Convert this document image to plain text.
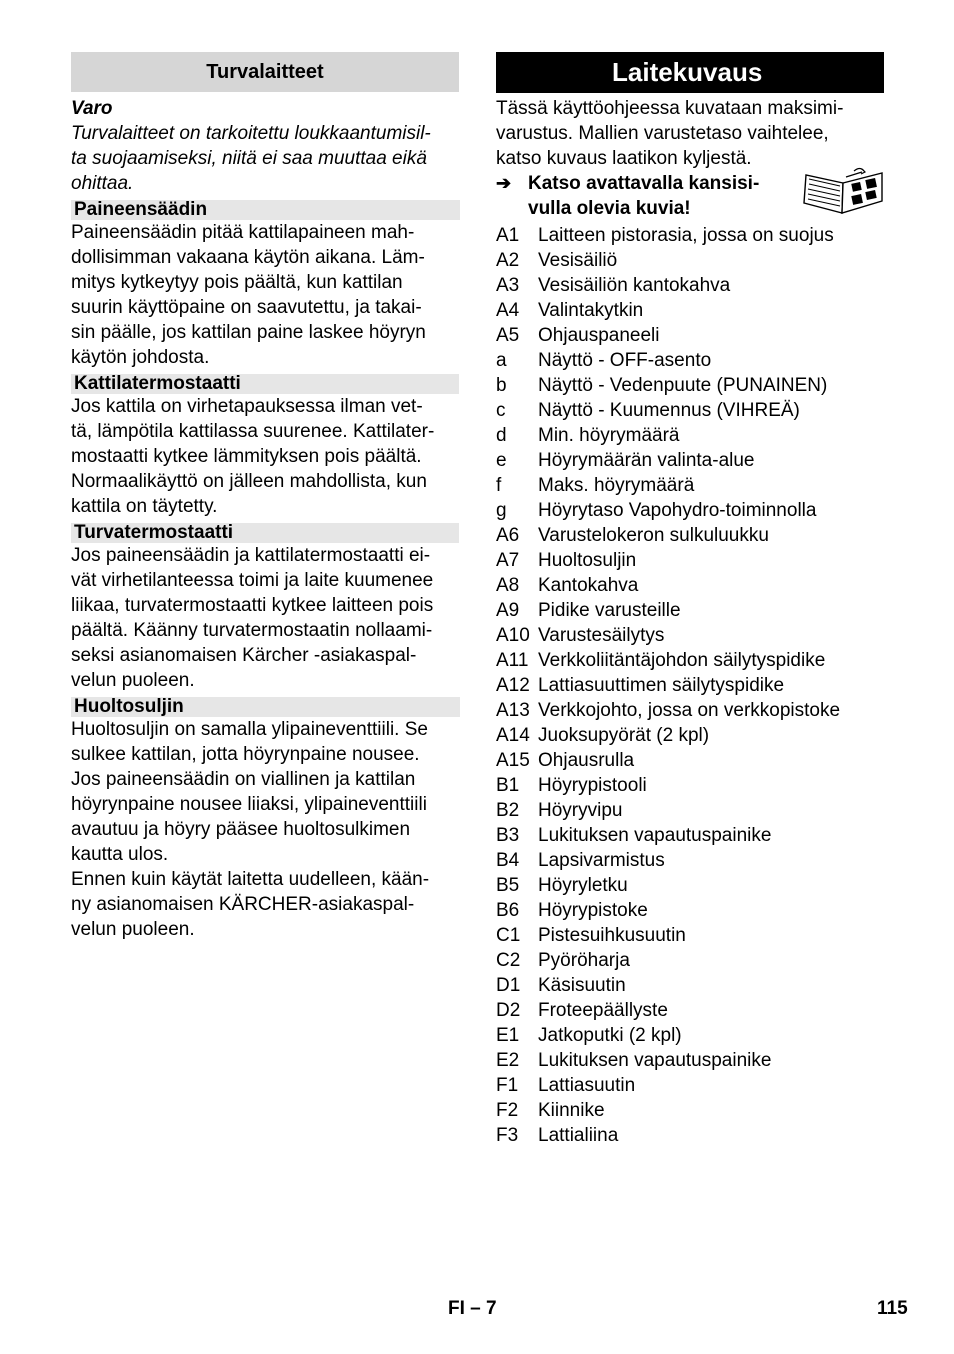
Turvalaitteet
Varo

Turvalaitteet on tarkoitettu loukkaantumisil-
ta suojaamiseksi, niitä ei saa muuttaa eikä
ohittaa.

Paineensäädin

Paineensäädin pitää kattilapaineen mah-
dollisimman vakaana käytön aikana. Läm-
mitys kytkeytyy pois päältä, kun kattilan
suurin käyttöpaine on saavutettu, ja takai-
sin päälle, jos kattilan paine laskee höyryn
käytön johdosta.

Kattilatermostaatti

Jos kattila on virhetapauksessa ilman vet-
tä, lämpötila kattilassa suurenee. Kattilater-
mostaatti kytkee lämmityksen pois päältä.
Normaalikäyttö on jälleen mahdollista, kun
kattila on täytetty.

Turvatermostaatti

Jos paineensäädin ja kattilatermostaatti ei-
vät virhetilanteessa toimi ja laite kuumenee
liikaa, turvatermostaatti kytkee laitteen pois
päältä. Käänny turvatermostaatin nollaami-
seksi asianomaisen Kärcher -asiakaspal-
velun puoleen.

Huoltosuljin

Huoltosuljin on samalla ylipaineventtiili. Se
sulkee kattilan, jotta höyrynpaine nousee.
Jos paineensäädin on viallinen ja kattilan
höyrynpaine nousee liiaksi, ylipaineventtiili
avautuu ja höyry pääsee huoltosulkimen
kautta ulos.
Ennen kuin käytät laitetta uudelleen, kään-
ny asianomaisen KÄRCHER-asiakaspal-
velun puoleen.

Laitekuvaus

Tässä käyttöohjeessa kuvataan maksimi-
varustus. Mallien varustetaso vaihtelee,
katso kuvaus laatikon kyljestä.

➔ Katso avattavalla kansisi-
vulla olevia kuvia!
A1 Laitteen pistorasia, jossa on suojus
A2 Vesisäiliö
A3 Vesisäiliön kantokahva
A4 Valintakytkin
A5 Ohjauspaneeli
a Näyttö - OFF-asento
b Näyttö - Vedenpuute (PUNAINEN)
c Näyttö - Kuumennus (VIHREÄ)
d Min. höyrymäärä
e Höyrymäärän valinta-alue
f Maks. höyrymäärä
g Höyrytaso Vapohydro-toiminnolla
A6 Varustelokeron sulkuluukku
A7 Huoltosuljin
A8 Kantokahva
A9 Pidike varusteille
A10 Varustesäilytys
A11 Verkkoliitäntäjohdon säilytyspidike
A12 Lattiasuuttimen säilytyspidike
A13 Verkkojohto, jossa on verkkopistoke
A14 Juoksupyörät (2 kpl)
A15 Ohjausrulla
B1 Höyrypistooli
B2 Höyryvipu
B3 Lukituksen vapautuspainike
B4 Lapsivarmistus
B5 Höyryletku
B6 Höyrypistoke
C1 Pistesuihkusuutin
C2 Pyöröharja
D1 Käsisuutin
D2 Froteepäällyste
E1 Jatkoputki (2 kpl)
E2 Lukituksen vapautuspainike
F1 Lattiasuutin
F2 Kiinnike
F3 Lattialiina
FI – 7	115
